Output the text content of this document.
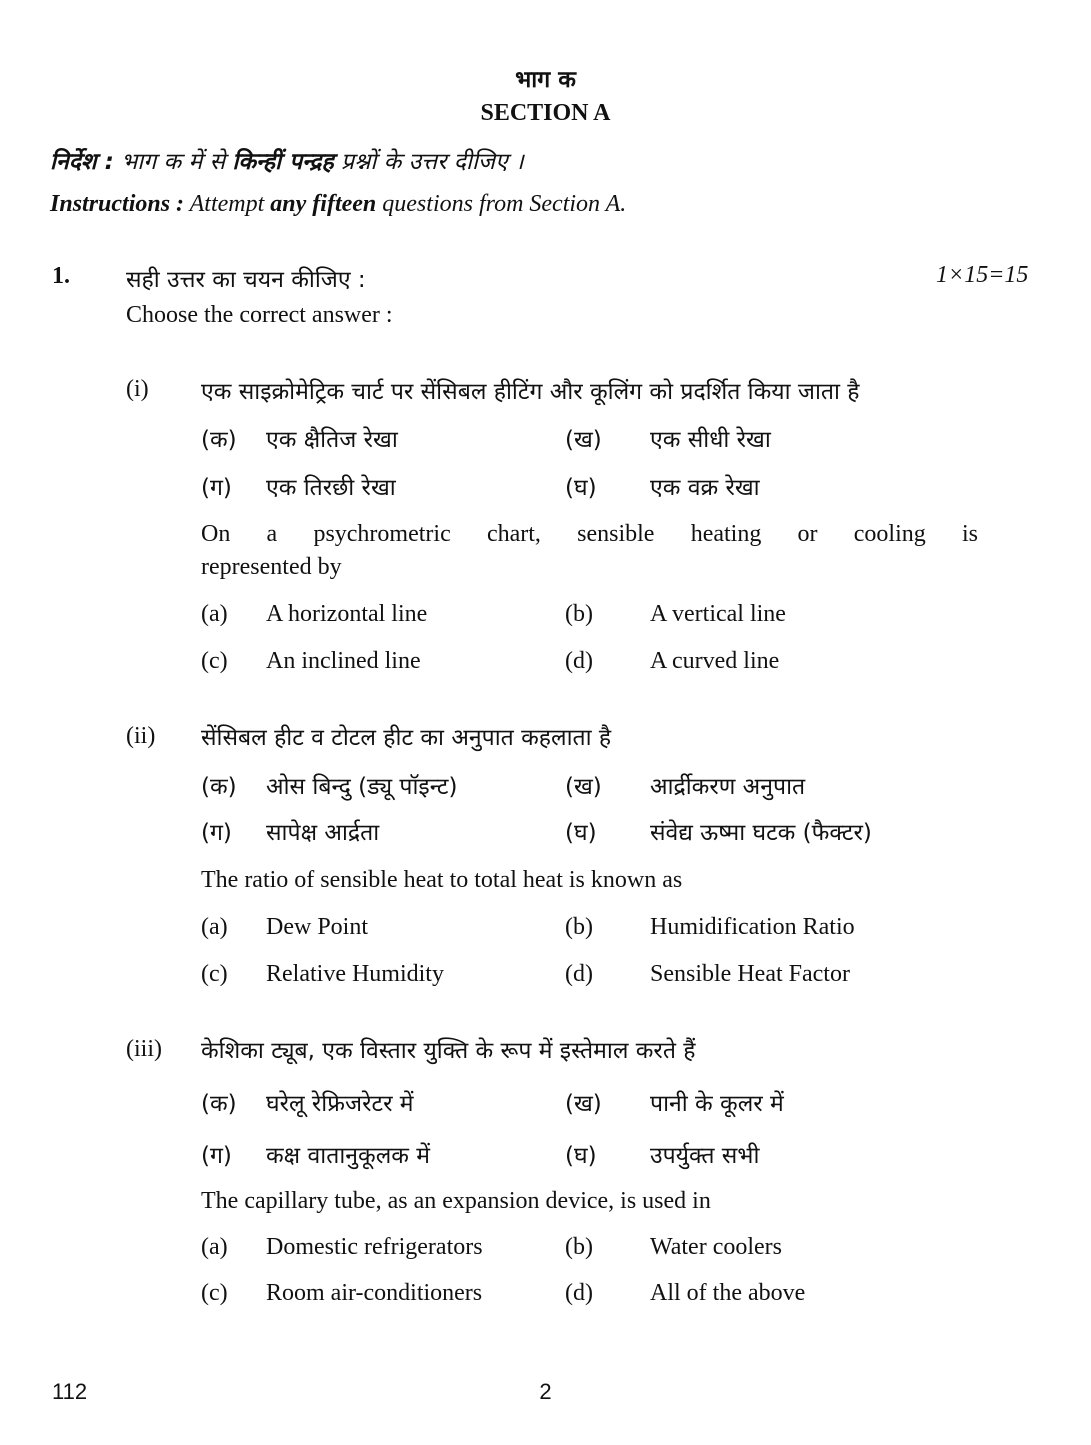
भाग क
SECTION A
निर्देश : भाग क में से किन्हीं पन्द्रह प्रश्नों के उत्तर दीजिए ।
Instructions : Attempt any fifteen questions from Section A.
1. सही उत्तर का चयन कीजिए :	1×15=15
Choose the correct answer :
(i) एक साइक्रोमेट्रिक चार्ट पर सेंसिबल हीटिंग और कूलिंग को प्रदर्शित किया जाता है
(क) एक क्षैतिज रेखा	(ख) एक सीधी रेखा
(ग) एक तिरछी रेखा	(घ) एक वक्र रेखा
On a psychrometric chart, sensible heating or cooling is
represented by
(a) A horizontal line	(b) A vertical line
(c) An inclined line	(d) A curved line
(ii) सेंसिबल हीट व टोटल हीट का अनुपात कहलाता है
(क) ओस बिन्दु (ड्यू पॉइन्ट)	(ख) आर्द्रीकरण अनुपात
(ग) सापेक्ष आर्द्रता	(घ) संवेद्य ऊष्मा घटक (फैक्टर)
The ratio of sensible heat to total heat is known as
(a) Dew Point	(b) Humidification Ratio
(c) Relative Humidity	(d) Sensible Heat Factor
(iii) केशिका ट्यूब, एक विस्तार युक्ति के रूप में इस्तेमाल करते हैं
(क) घरेलू रेफ्रिजरेटर में	(ख) पानी के कूलर में
(ग) कक्ष वातानुकूलक में	(घ) उपर्युक्त सभी
The capillary tube, as an expansion device, is used in
(a) Domestic refrigerators	(b) Water coolers
(c) Room air-conditioners	(d) All of the above
112	2
